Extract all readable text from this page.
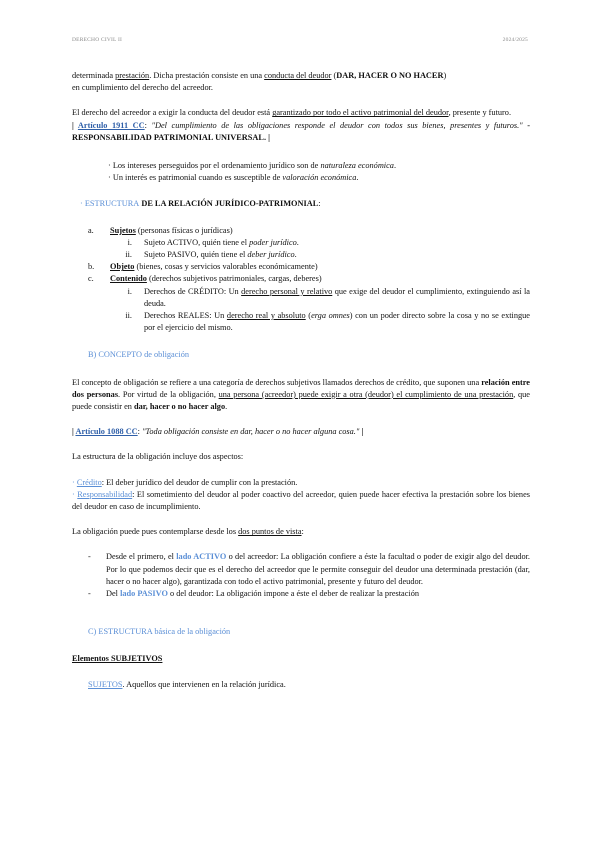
DERECHO CIVIL II	2024/2025

determinada prestación. Dicha prestación consiste en una conducta del deudor (DAR, HACER O NO HACER)
en cumplimiento del derecho del acreedor.

El derecho del acreedor a exigir la conducta del deudor está garantizado por todo el activo patrimonial del deudor, presente y futuro.

| Artículo 1911 CC: "Del cumplimiento de las obligaciones responde el deudor con todos sus bienes, presentes y futuros." - RESPONSABILIDAD PATRIMONIAL UNIVERSAL. |

· Los intereses perseguidos por el ordenamiento jurídico son de naturaleza económica.

· Un interés es patrimonial cuando es susceptible de valoración económica.

· ESTRUCTURA DE LA RELACIÓN JURÍDICO-PATRIMONIAL:

a.	Sujetos (personas físicas o jurídicas)
i.	Sujeto ACTIVO, quién tiene el poder jurídico.
ii.	Sujeto PASIVO, quién tiene el deber jurídico.
b.	Objeto (bienes, cosas y servicios valorables económicamente)
c.	Contenido (derechos subjetivos patrimoniales, cargas, deberes)
i.	Derechos de CRÉDITO: Un derecho personal y relativo que exige del deudor el cumplimiento, extinguiendo así la deuda.
ii.	Derechos REALES: Un derecho real y absoluto (erga omnes) con un poder directo sobre la cosa y no se extingue por el ejercicio del mismo.

B) CONCEPTO de obligación

El concepto de obligación se refiere a una categoría de derechos subjetivos llamados derechos de crédito, que suponen una relación entre dos personas. Por virtud de la obligación, una persona (acreedor) puede exigir a otra (deudor) el cumplimiento de una prestación, que puede consistir en dar, hacer o no hacer algo.

| Artículo 1088 CC: "Toda obligación consiste en dar, hacer o no hacer alguna cosa." |

La estructura de la obligación incluye dos aspectos:

· Crédito: El deber jurídico del deudor de cumplir con la prestación.

· Responsabilidad: El sometimiento del deudor al poder coactivo del acreedor, quien puede hacer efectiva la prestación sobre los bienes del deudor en caso de incumplimiento.

La obligación puede pues contemplarse desde los dos puntos de vista:

-	Desde el primero, el lado ACTIVO o del acreedor: La obligación confiere a éste la facultad o poder de exigir algo del deudor. Por lo que podemos decir que es el derecho del acreedor que le permite conseguir del deudor una determinada prestación (dar, hacer o no hacer algo), garantizada con todo el activo patrimonial, presente y futuro del deudor.
-	Del lado PASIVO o del deudor: La obligación impone a éste el deber de realizar la prestación

C) ESTRUCTURA básica de la obligación

Elementos SUBJETIVOS

SUJETOS. Aquellos que intervienen en la relación jurídica.
